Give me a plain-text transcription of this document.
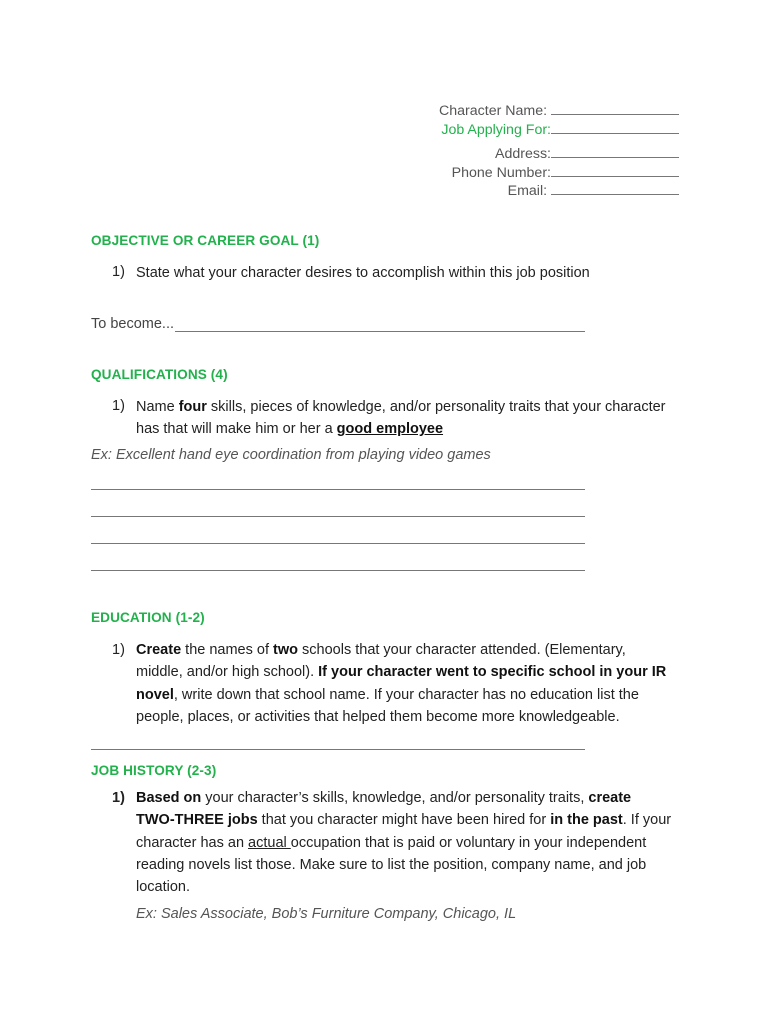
Character Name:
Job Applying For:
Address:
Phone Number:
Email:
OBJECTIVE OR CAREER GOAL (1)
1) State what your character desires to accomplish within this job position
To become...
QUALIFICATIONS (4)
1) Name four skills, pieces of knowledge, and/or personality traits that your character
has that will make him or her a good employee
Ex: Excellent hand eye coordination from playing video games
EDUCATION (1-2)
1) Create the names of two schools that your character attended. (Elementary,
middle, and/or high school). If your character went to specific school in your IR
novel, write down that school name. If your character has no education list the
people, places, or activities that helped them become more knowledgeable.
JOB HISTORY (2-3)
1) Based on your character’s skills, knowledge, and/or personality traits, create
TWO-THREE jobs that you character might have been hired for in the past. If your
character has an actual occupation that is paid or voluntary in your independent
reading novels list those. Make sure to list the position, company name, and job
location.
Ex: Sales Associate, Bob’s Furniture Company, Chicago, IL
